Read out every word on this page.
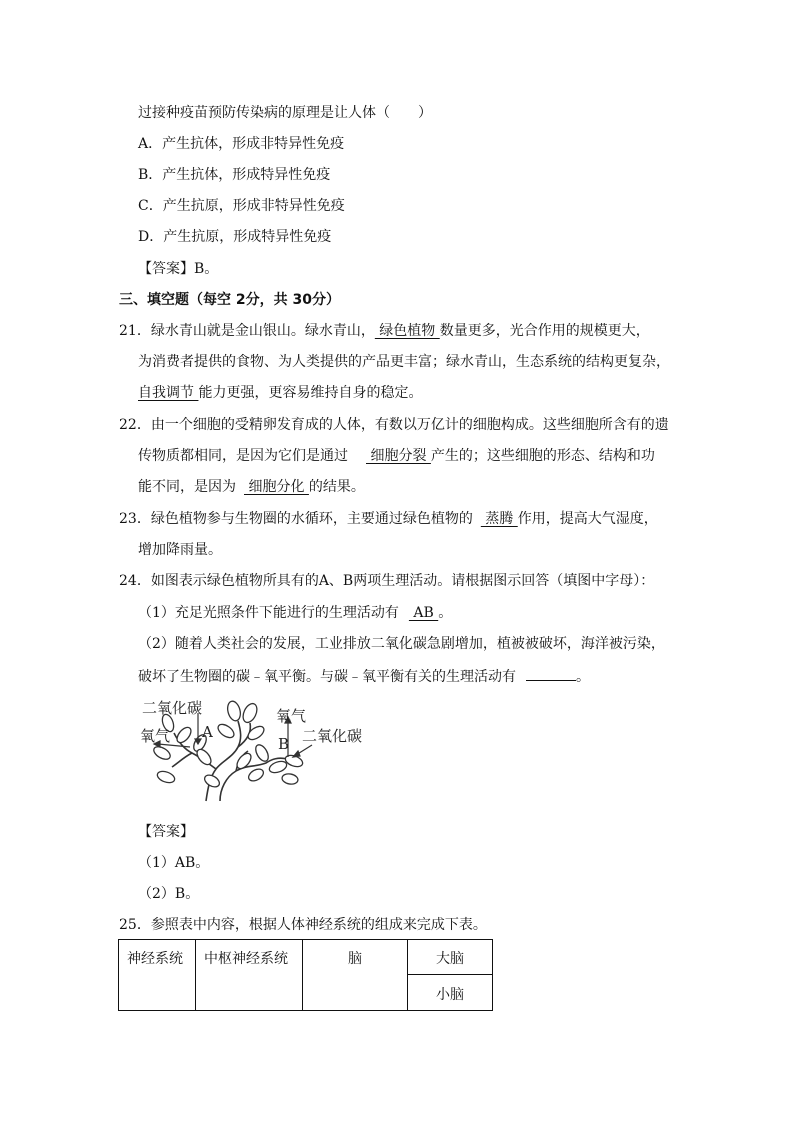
过接种疫苗预防传染病的原理是让人体（　　）
A．产生抗体，形成非特异性免疫
B．产生抗体，形成特异性免疫
C．产生抗原，形成非特异性免疫
D．产生抗原，形成特异性免疫
【答案】B。
三、填空题（每空 2分，共 30分）
21．绿水青山就是金山银山。绿水青山， 绿色植物 数量更多，光合作用的规模更大，
为消费者提供的食物、为人类提供的产品更丰富；绿水青山，生态系统的结构更复杂，
自我调节 能力更强，更容易维持自身的稳定。
22．由一个细胞的受精卵发育成的人体，有数以万亿计的细胞构成。这些细胞所含有的遗
传物质都相同，是因为它们是通过 细胞分裂 产生的；这些细胞的形态、结构和功
能不同，是因为 细胞分化 的结果。
23．绿色植物参与生物圈的水循环，主要通过绿色植物的 蒸腾 作用，提高大气湿度，
增加降雨量。
24．如图表示绿色植物所具有的A、B两项生理活动。请根据图示回答（填图中字母）：
（1）充足光照条件下能进行的生理活动有 AB 。
（2）随着人类社会的发展，工业排放二氧化碳急剧增加，植被被破坏，海洋被污染，
破坏了生物圈的碳﹣氧平衡。与碳﹣氧平衡有关的生理活动有	。
二氧化碳
氧气 A
氧气
B 二氧化碳
【答案】
（1）AB。
（2）B。
25．参照表中内容，根据人体神经系统的组成来完成下表。
神经系统	中枢神经系统	脑	大脑

小脑
